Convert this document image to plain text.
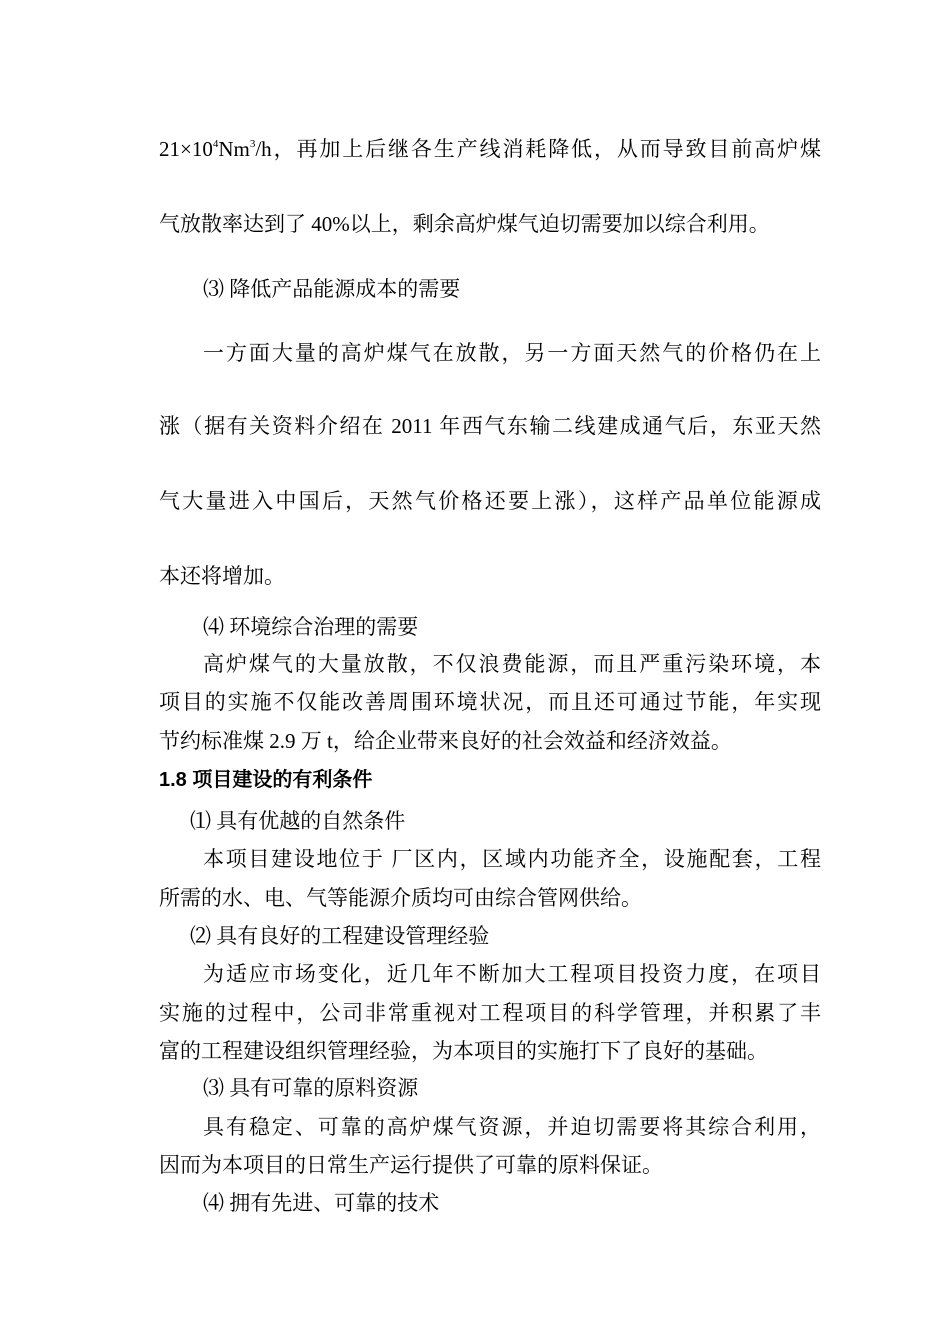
$21\times 10^4Nm^3/h$，再加上后继各生产线消耗降低，从而导致目前高炉煤

气放散率达到了 40%以上，剩余高炉煤气迫切需要加以综合利用。

⑶ 降低产品能源成本的需要

一方面大量的高炉煤气在放散，另一方面天然气的价格仍在上

涨（据有关资料介绍在 2011 年西气东输二线建成通气后，东亚天然

气大量进入中国后，天然气价格还要上涨），这样产品单位能源成

本还将增加。

⑷ 环境综合治理的需要

高炉煤气的大量放散，不仅浪费能源，而且严重污染环境，本

项目的实施不仅能改善周围环境状况，而且还可通过节能，年实现

节约标准煤 2.9 万 t，给企业带来良好的社会效益和经济效益。

1.8 项目建设的有利条件

⑴ 具有优越的自然条件

本项目建设地位于 厂区内，区域内功能齐全，设施配套，工程

所需的水、电、气等能源介质均可由综合管网供给。

⑵ 具有良好的工程建设管理经验

为适应市场变化，近几年不断加大工程项目投资力度，在项目

实施的过程中，公司非常重视对工程项目的科学管理，并积累了丰

富的工程建设组织管理经验，为本项目的实施打下了良好的基础。

⑶ 具有可靠的原料资源

具有稳定、可靠的高炉煤气资源，并迫切需要将其综合利用，

因而为本项目的日常生产运行提供了可靠的原料保证。

⑷ 拥有先进、可靠的技术
